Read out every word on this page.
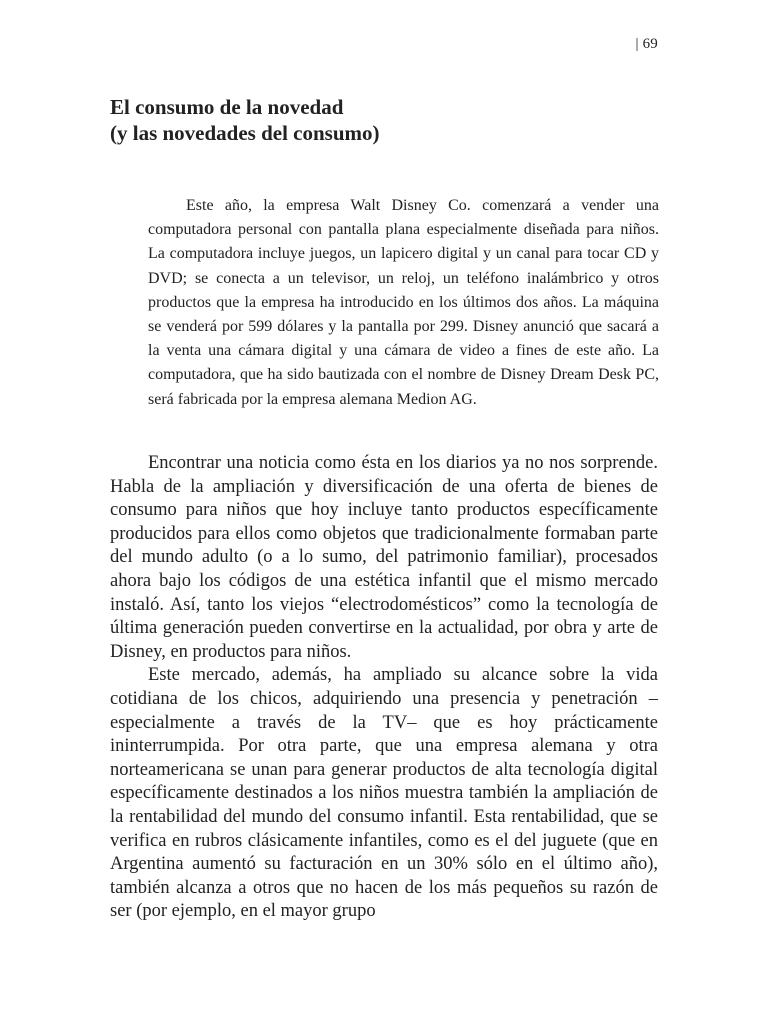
| 69
El consumo de la novedad
(y las novedades del consumo)

Este año, la empresa Walt Disney Co. comenzará a vender una computadora personal con pantalla plana especialmente diseñada para niños. La computadora incluye juegos, un lapicero digital y un canal para tocar CD y DVD; se conecta a un televisor, un reloj, un teléfono inalámbrico y otros productos que la empresa ha introducido en los últimos dos años. La máquina se venderá por 599 dólares y la pantalla por 299. Disney anunció que sacará a la venta una cámara digital y una cámara de video a fines de este año. La computadora, que ha sido bautizada con el nombre de Disney Dream Desk PC, será fabricada por la empresa alemana Medion AG.

Encontrar una noticia como ésta en los diarios ya no nos sorprende. Habla de la ampliación y diversificación de una oferta de bienes de consumo para niños que hoy incluye tanto productos específicamente producidos para ellos como objetos que tradicionalmente formaban parte del mundo adulto (o a lo sumo, del patrimonio familiar), procesados ahora bajo los códigos de una estética infantil que el mismo mercado instaló. Así, tanto los viejos “electrodomésticos” como la tecnología de última generación pueden convertirse en la actualidad, por obra y arte de Disney, en productos para niños.

Este mercado, además, ha ampliado su alcance sobre la vida cotidiana de los chicos, adquiriendo una presencia y penetración –especialmente a través de la TV– que es hoy prácticamente ininterrumpida. Por otra parte, que una empresa alemana y otra norteamericana se unan para generar productos de alta tecnología digital específicamente destinados a los niños muestra también la ampliación de la rentabilidad del mundo del consumo infantil. Esta rentabilidad, que se verifica en rubros clásicamente infantiles, como es el del juguete (que en Argentina aumentó su facturación en un 30% sólo en el último año), también alcanza a otros que no hacen de los más pequeños su razón de ser (por ejemplo, en el mayor grupo
